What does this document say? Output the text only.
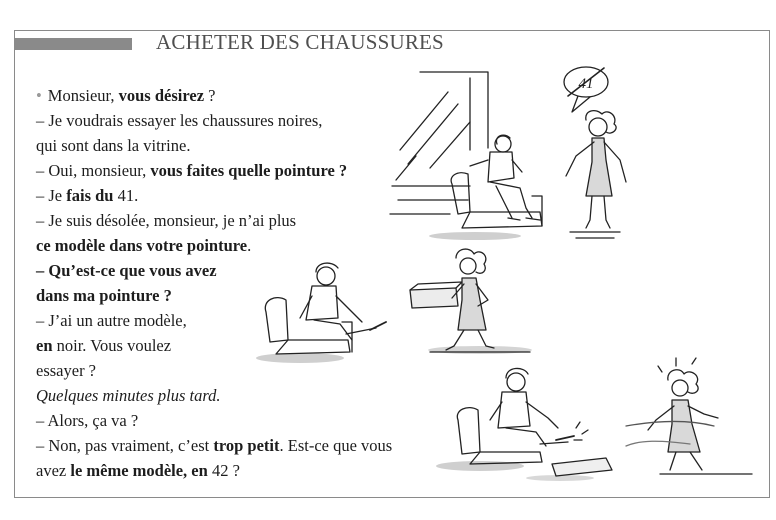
ACHETER DES CHAUSSURES
• Monsieur, vous désirez ?
– Je voudrais essayer les chaussures noires,
qui sont dans la vitrine.
– Oui, monsieur, vous faites quelle pointure ?
– Je fais du 41.
– Je suis désolée, monsieur, je n’ai plus
ce modèle dans votre pointure.
– Qu’est-ce que vous avez
dans ma pointure ?
– J’ai un autre modèle,
en noir. Vous voulez
essayer ?
Quelques minutes plus tard.
– Alors, ça va ?
– Non, pas vraiment, c’est trop petit. Est-ce que vous
avez le même modèle, en 42 ?
41
